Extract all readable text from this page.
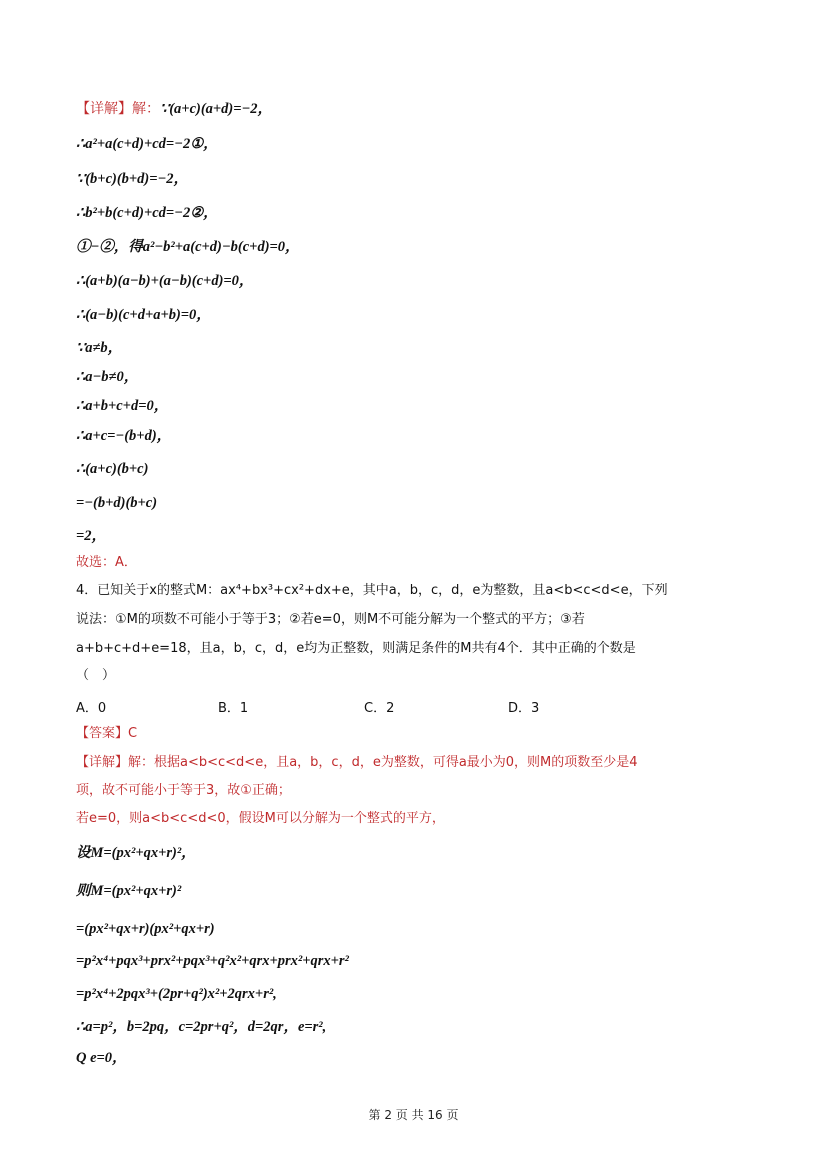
【详解】解：∵(a+c)(a+d)=−2，
∴a²+a(c+d)+cd=−2①，
∵(b+c)(b+d)=−2，
∴b²+b(c+d)+cd=−2②，
①−②，得a²−b²+a(c+d)−b(c+d)=0，
∴(a+b)(a−b)+(a−b)(c+d)=0，
∴(a−b)(c+d+a+b)=0，
∵a≠b，
∴a−b≠0，
∴a+b+c+d=0，
∴a+c=−(b+d)，
∴(a+c)(b+c)
=−(b+d)(b+c)
=2，
故选：A．
4．已知关于x的整式M：ax⁴+bx³+cx²+dx+e，其中a，b，c，d，e为整数，且a<b<c<d<e，下列
说法：①M的项数不可能小于等于3；②若e=0，则M不可能分解为一个整式的平方；③若
a+b+c+d+e=18，且a，b，c，d，e均为正整数，则满足条件的M共有4个．其中正确的个数是
（　）
A．0	B．1	C．2	D．3
【答案】C
【详解】解：根据a<b<c<d<e，且a，b，c，d，e为整数，可得a最小为0，则M的项数至少是4
项，故不可能小于等于3，故①正确；
若e=0，则a<b<c<d<0，假设M可以分解为一个整式的平方，
设M=(px²+qx+r)²，
则M=(px²+qx+r)²
=(px²+qx+r)(px²+qx+r)
=p²x⁴+pqx³+prx²+pqx³+q²x²+qrx+prx²+qrx+r²
=p²x⁴+2pqx³+(2pr+q²)x²+2qrx+r²,
∴a=p²，b=2pq，c=2pr+q²，d=2qr，e=r²,
Q e=0，
第 2 页 共 16 页
